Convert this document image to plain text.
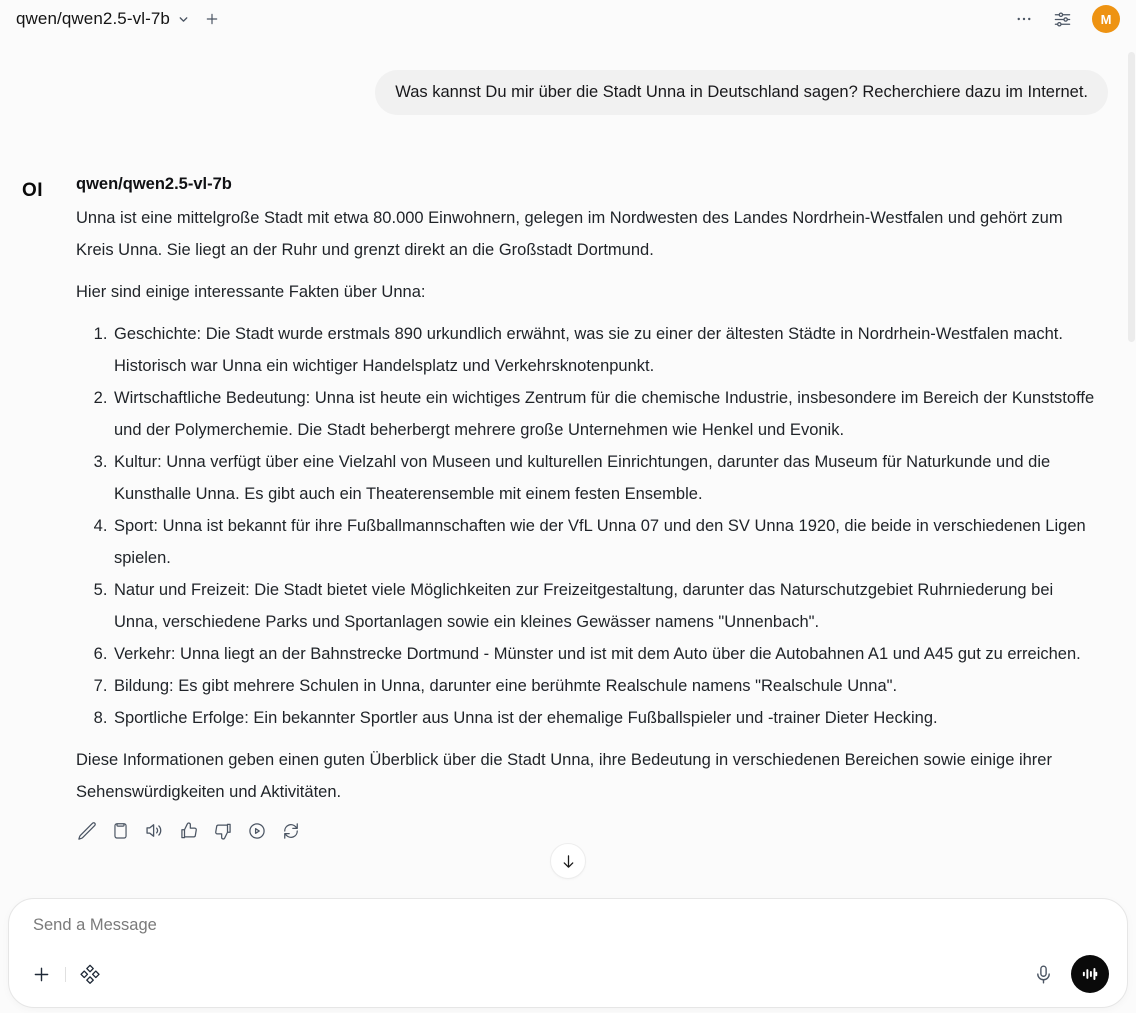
qwen/qwen2.5-vl-7b	M
Was kannst Du mir über die Stadt Unna in Deutschland sagen? Recherchiere dazu im Internet.
OI	qwen/qwen2.5-vl-7b

Unna ist eine mittelgroße Stadt mit etwa 80.000 Einwohnern, gelegen im Nordwesten des Landes Nordrhein-Westfalen und gehört zum Kreis Unna. Sie liegt an der Ruhr und grenzt direkt an die Großstadt Dortmund.

Hier sind einige interessante Fakten über Unna:

1. Geschichte: Die Stadt wurde erstmals 890 urkundlich erwähnt, was sie zu einer der ältesten Städte in Nordrhein-Westfalen macht. Historisch war Unna ein wichtiger Handelsplatz und Verkehrsknotenpunkt.
2. Wirtschaftliche Bedeutung: Unna ist heute ein wichtiges Zentrum für die chemische Industrie, insbesondere im Bereich der Kunststoffe und der Polymerchemie. Die Stadt beherbergt mehrere große Unternehmen wie Henkel und Evonik.
3. Kultur: Unna verfügt über eine Vielzahl von Museen und kulturellen Einrichtungen, darunter das Museum für Naturkunde und die Kunsthalle Unna. Es gibt auch ein Theaterensemble mit einem festen Ensemble.
4. Sport: Unna ist bekannt für ihre Fußballmannschaften wie der VfL Unna 07 und den SV Unna 1920, die beide in verschiedenen Ligen spielen.
5. Natur und Freizeit: Die Stadt bietet viele Möglichkeiten zur Freizeitgestaltung, darunter das Naturschutzgebiet Ruhrniederung bei Unna, verschiedene Parks und Sportanlagen sowie ein kleines Gewässer namens "Unnenbach".
6. Verkehr: Unna liegt an der Bahnstrecke Dortmund - Münster und ist mit dem Auto über die Autobahnen A1 und A45 gut zu erreichen.
7. Bildung: Es gibt mehrere Schulen in Unna, darunter eine berühmte Realschule namens "Realschule Unna".
8. Sportliche Erfolge: Ein bekannter Sportler aus Unna ist der ehemalige Fußballspieler und -trainer Dieter Hecking.

Diese Informationen geben einen guten Überblick über die Stadt Unna, ihre Bedeutung in verschiedenen Bereichen sowie einige ihrer Sehenswürdigkeiten und Aktivitäten.

Send a Message
